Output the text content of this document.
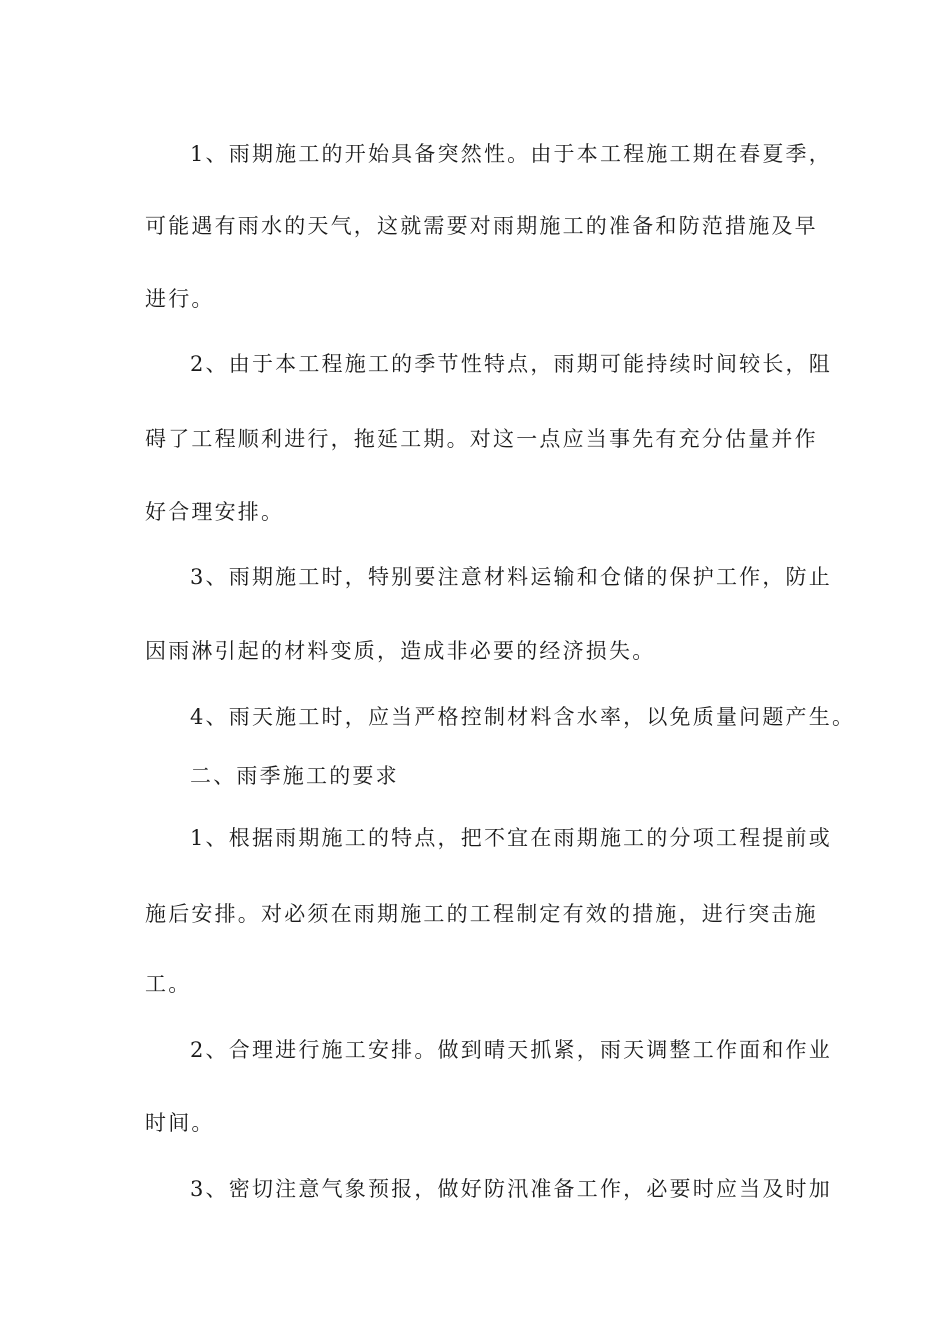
1、雨期施工的开始具备突然性。由于本工程施工期在春夏季，
可能遇有雨水的天气，这就需要对雨期施工的准备和防范措施及早
进行。
2、由于本工程施工的季节性特点，雨期可能持续时间较长，阻
碍了工程顺利进行，拖延工期。对这一点应当事先有充分估量并作
好合理安排。
3、雨期施工时，特别要注意材料运输和仓储的保护工作，防止
因雨淋引起的材料变质，造成非必要的经济损失。
4、雨天施工时，应当严格控制材料含水率，以免质量问题产生。
二、雨季施工的要求
1、根据雨期施工的特点，把不宜在雨期施工的分项工程提前或
施后安排。对必须在雨期施工的工程制定有效的措施，进行突击施
工。
2、合理进行施工安排。做到晴天抓紧，雨天调整工作面和作业
时间。
3、密切注意气象预报，做好防汛准备工作，必要时应当及时加
